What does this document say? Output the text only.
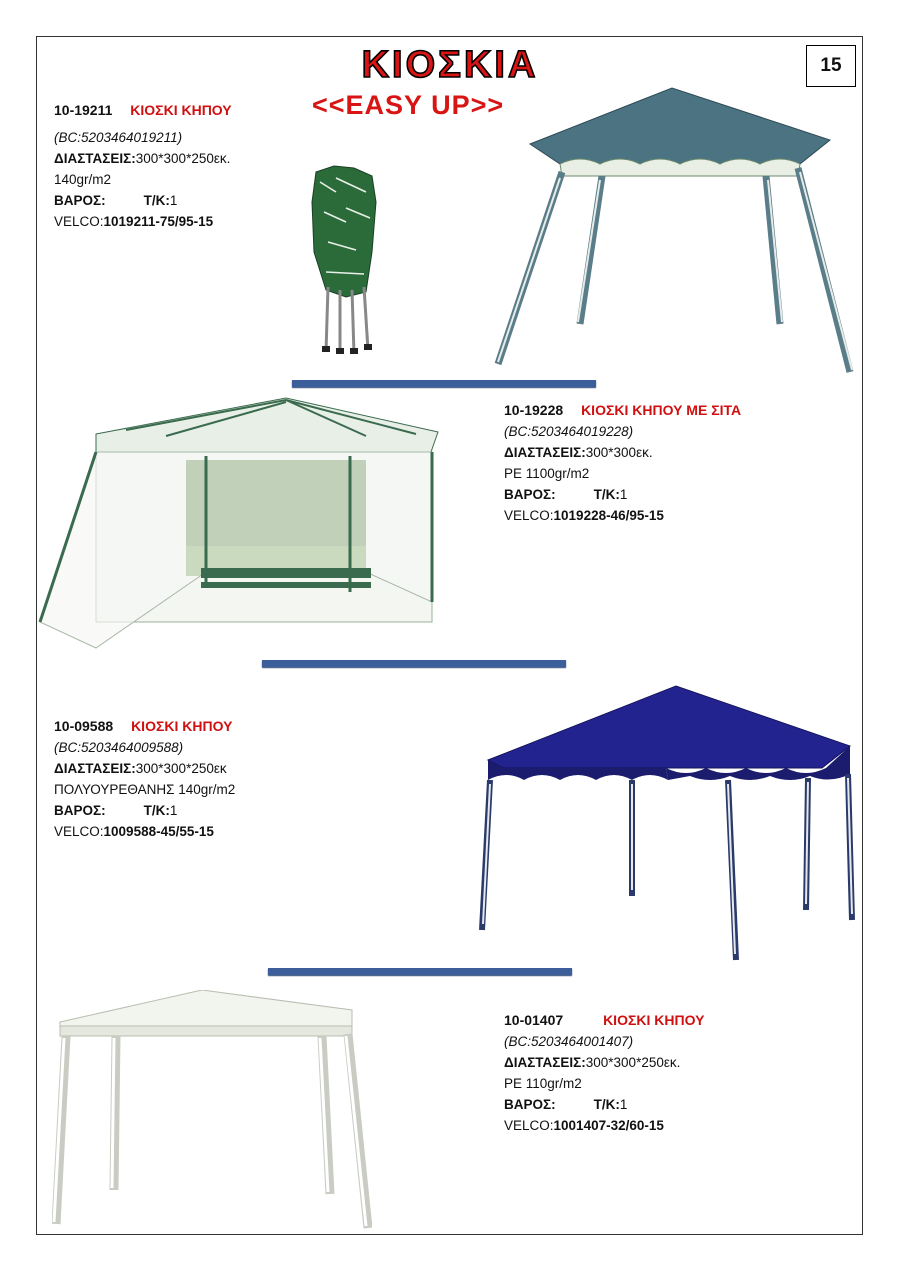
ΚΙΟΣΚΙΑ
<<EASY UP>>
15
10-19211 ΚΙΟΣΚΙ ΚΗΠΟΥ
(BC:5203464019211)
ΔΙΑΣΤΑΣΕΙΣ:300*300*250εκ.
140gr/m2
ΒΑΡΟΣ:	Τ/Κ:1
VELCO:1019211-75/95-15
10-19228 ΚΙΟΣΚΙ ΚΗΠΟΥ ΜΕ ΣΙΤΑ
(BC:5203464019228)
ΔΙΑΣΤΑΣΕΙΣ:300*300εκ.
PE 1100gr/m2
ΒΑΡΟΣ:	Τ/Κ:1
VELCO:1019228-46/95-15
10-09588 ΚΙΟΣΚΙ ΚΗΠΟΥ
(BC:5203464009588)
ΔΙΑΣΤΑΣΕΙΣ:300*300*250εκ
ΠΟΛΥΟΥΡΕΘΑΝΗΣ 140gr/m2
ΒΑΡΟΣ:	Τ/Κ:1
VELCO:1009588-45/55-15
10-01407	ΚΙΟΣΚΙ ΚΗΠΟΥ
(BC:5203464001407)
ΔΙΑΣΤΑΣΕΙΣ:300*300*250εκ.
PE 110gr/m2
ΒΑΡΟΣ:	Τ/Κ:1
VELCO:1001407-32/60-15
